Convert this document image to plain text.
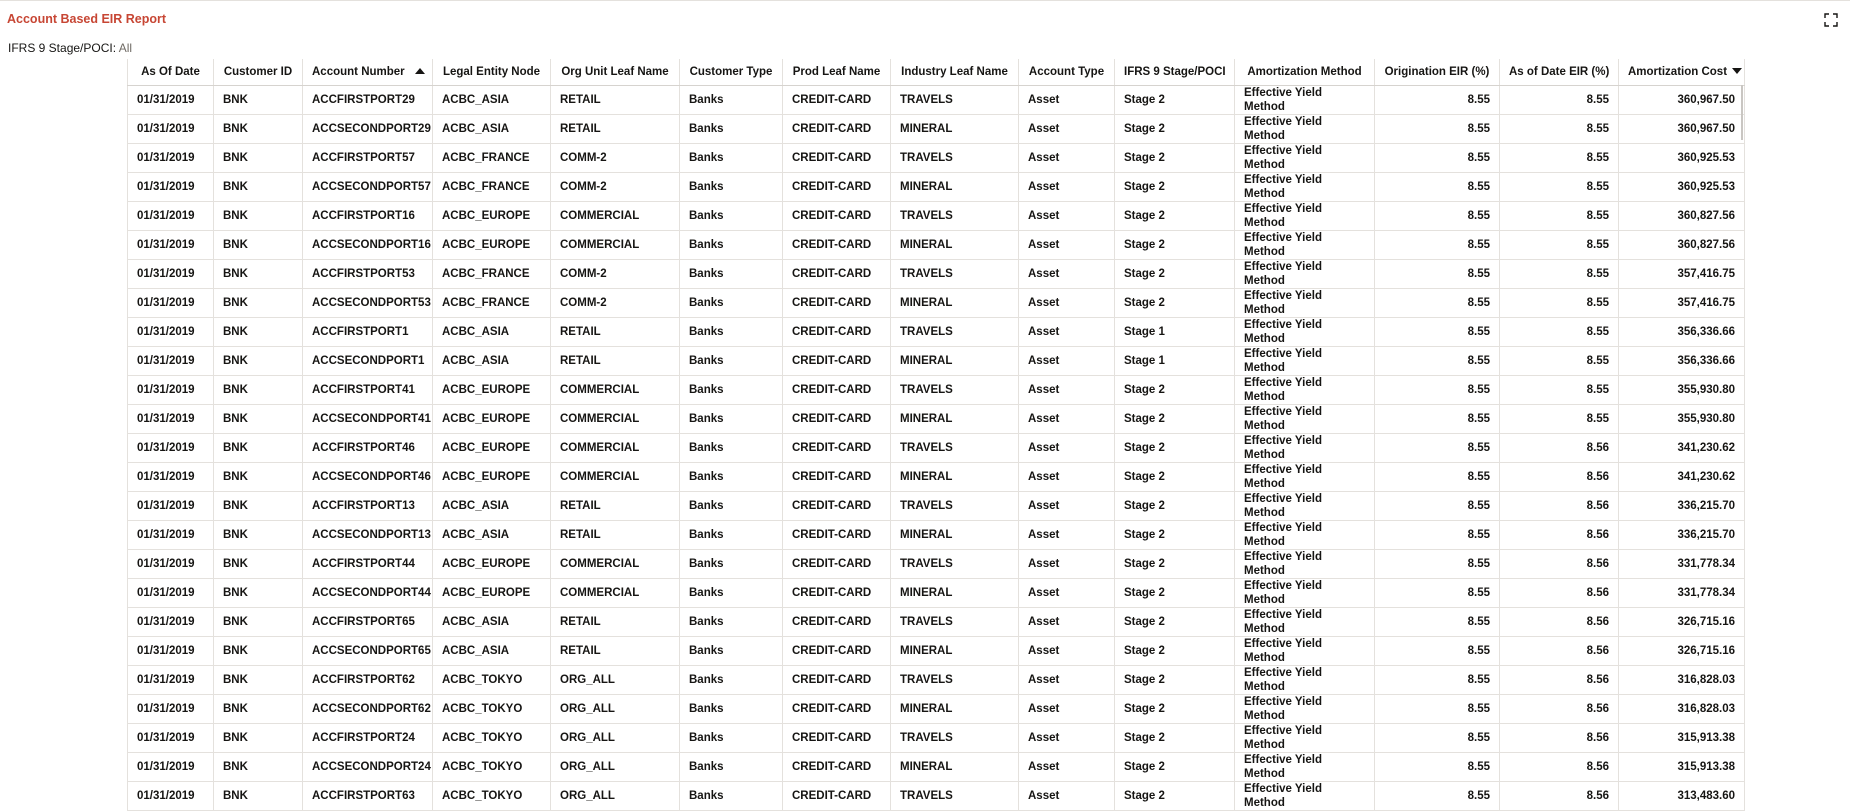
Account Based EIR Report
IFRS 9 Stage/POCI: All
As Of Date	Customer ID	Account Number	Legal Entity Node	Org Unit Leaf Name	Customer Type	Prod Leaf Name	Industry Leaf Name	Account Type	IFRS 9 Stage/POCI	Amortization Method	Origination EIR (%)	As of Date EIR (%)	Amortization Cost
01/31/2019	BNK	ACCFIRSTPORT29	ACBC_ASIA	RETAIL	Banks	CREDIT-CARD	TRAVELS	Asset	Stage 2	Effective Yield Method	8.55	8.55	360,967.50
01/31/2019	BNK	ACCSECONDPORT29	ACBC_ASIA	RETAIL	Banks	CREDIT-CARD	MINERAL	Asset	Stage 2	Effective Yield Method	8.55	8.55	360,967.50
01/31/2019	BNK	ACCFIRSTPORT57	ACBC_FRANCE	COMM-2	Banks	CREDIT-CARD	TRAVELS	Asset	Stage 2	Effective Yield Method	8.55	8.55	360,925.53
01/31/2019	BNK	ACCSECONDPORT57	ACBC_FRANCE	COMM-2	Banks	CREDIT-CARD	MINERAL	Asset	Stage 2	Effective Yield Method	8.55	8.55	360,925.53
01/31/2019	BNK	ACCFIRSTPORT16	ACBC_EUROPE	COMMERCIAL	Banks	CREDIT-CARD	TRAVELS	Asset	Stage 2	Effective Yield Method	8.55	8.55	360,827.56
01/31/2019	BNK	ACCSECONDPORT16	ACBC_EUROPE	COMMERCIAL	Banks	CREDIT-CARD	MINERAL	Asset	Stage 2	Effective Yield Method	8.55	8.55	360,827.56
01/31/2019	BNK	ACCFIRSTPORT53	ACBC_FRANCE	COMM-2	Banks	CREDIT-CARD	TRAVELS	Asset	Stage 2	Effective Yield Method	8.55	8.55	357,416.75
01/31/2019	BNK	ACCSECONDPORT53	ACBC_FRANCE	COMM-2	Banks	CREDIT-CARD	MINERAL	Asset	Stage 2	Effective Yield Method	8.55	8.55	357,416.75
01/31/2019	BNK	ACCFIRSTPORT1	ACBC_ASIA	RETAIL	Banks	CREDIT-CARD	TRAVELS	Asset	Stage 1	Effective Yield Method	8.55	8.55	356,336.66
01/31/2019	BNK	ACCSECONDPORT1	ACBC_ASIA	RETAIL	Banks	CREDIT-CARD	MINERAL	Asset	Stage 1	Effective Yield Method	8.55	8.55	356,336.66
01/31/2019	BNK	ACCFIRSTPORT41	ACBC_EUROPE	COMMERCIAL	Banks	CREDIT-CARD	TRAVELS	Asset	Stage 2	Effective Yield Method	8.55	8.55	355,930.80
01/31/2019	BNK	ACCSECONDPORT41	ACBC_EUROPE	COMMERCIAL	Banks	CREDIT-CARD	MINERAL	Asset	Stage 2	Effective Yield Method	8.55	8.55	355,930.80
01/31/2019	BNK	ACCFIRSTPORT46	ACBC_EUROPE	COMMERCIAL	Banks	CREDIT-CARD	TRAVELS	Asset	Stage 2	Effective Yield Method	8.55	8.56	341,230.62
01/31/2019	BNK	ACCSECONDPORT46	ACBC_EUROPE	COMMERCIAL	Banks	CREDIT-CARD	MINERAL	Asset	Stage 2	Effective Yield Method	8.55	8.56	341,230.62
01/31/2019	BNK	ACCFIRSTPORT13	ACBC_ASIA	RETAIL	Banks	CREDIT-CARD	TRAVELS	Asset	Stage 2	Effective Yield Method	8.55	8.56	336,215.70
01/31/2019	BNK	ACCSECONDPORT13	ACBC_ASIA	RETAIL	Banks	CREDIT-CARD	MINERAL	Asset	Stage 2	Effective Yield Method	8.55	8.56	336,215.70
01/31/2019	BNK	ACCFIRSTPORT44	ACBC_EUROPE	COMMERCIAL	Banks	CREDIT-CARD	TRAVELS	Asset	Stage 2	Effective Yield Method	8.55	8.56	331,778.34
01/31/2019	BNK	ACCSECONDPORT44	ACBC_EUROPE	COMMERCIAL	Banks	CREDIT-CARD	MINERAL	Asset	Stage 2	Effective Yield Method	8.55	8.56	331,778.34
01/31/2019	BNK	ACCFIRSTPORT65	ACBC_ASIA	RETAIL	Banks	CREDIT-CARD	TRAVELS	Asset	Stage 2	Effective Yield Method	8.55	8.56	326,715.16
01/31/2019	BNK	ACCSECONDPORT65	ACBC_ASIA	RETAIL	Banks	CREDIT-CARD	MINERAL	Asset	Stage 2	Effective Yield Method	8.55	8.56	326,715.16
01/31/2019	BNK	ACCFIRSTPORT62	ACBC_TOKYO	ORG_ALL	Banks	CREDIT-CARD	TRAVELS	Asset	Stage 2	Effective Yield Method	8.55	8.56	316,828.03
01/31/2019	BNK	ACCSECONDPORT62	ACBC_TOKYO	ORG_ALL	Banks	CREDIT-CARD	MINERAL	Asset	Stage 2	Effective Yield Method	8.55	8.56	316,828.03
01/31/2019	BNK	ACCFIRSTPORT24	ACBC_TOKYO	ORG_ALL	Banks	CREDIT-CARD	TRAVELS	Asset	Stage 2	Effective Yield Method	8.55	8.56	315,913.38
01/31/2019	BNK	ACCSECONDPORT24	ACBC_TOKYO	ORG_ALL	Banks	CREDIT-CARD	MINERAL	Asset	Stage 2	Effective Yield Method	8.55	8.56	315,913.38
01/31/2019	BNK	ACCFIRSTPORT63	ACBC_TOKYO	ORG_ALL	Banks	CREDIT-CARD	TRAVELS	Asset	Stage 2	Effective Yield Method	8.55	8.56	313,483.60
